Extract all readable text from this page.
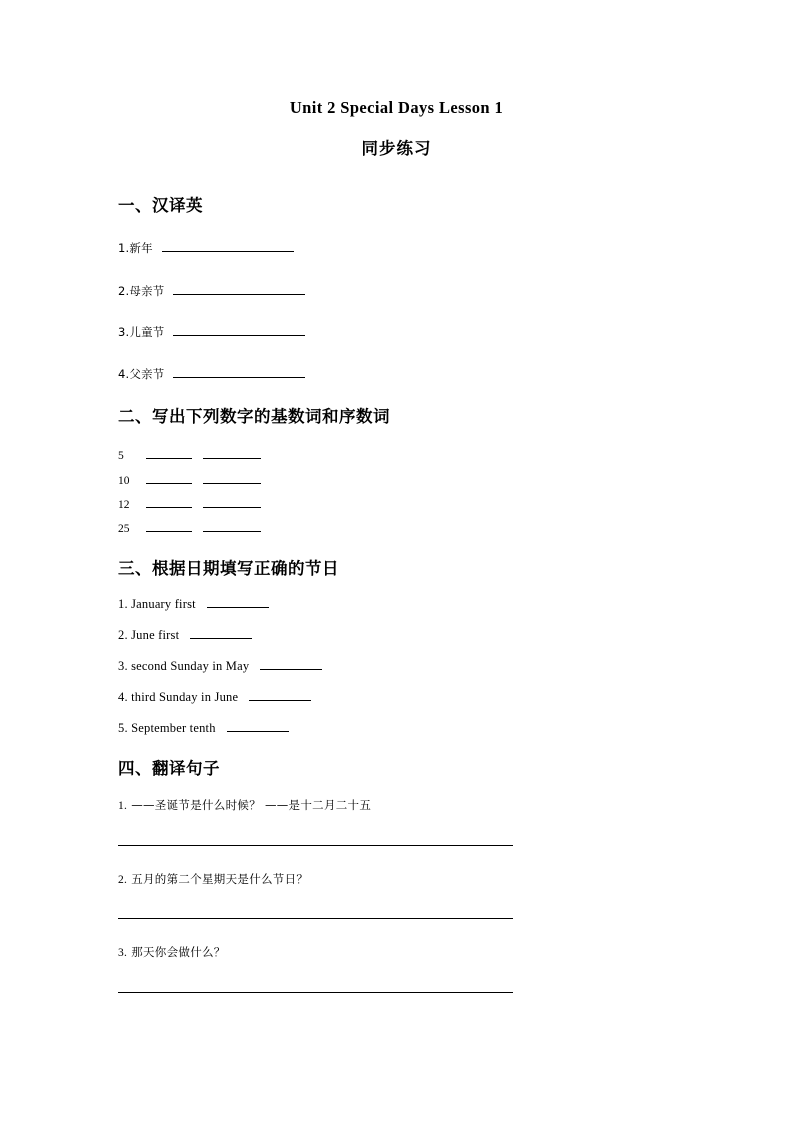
Unit 2 Special Days Lesson 1
同步练习
一、汉译英
1.新年
2.母亲节
3.儿童节
4.父亲节
二、写出下列数字的基数词和序数词
5
10
12
25
三、根据日期填写正确的节日
1. January first
2. June first
3. second Sunday in May
4. third Sunday in June
5. September tenth
四、翻译句子
1. ——圣诞节是什么时候？ ——是十二月二十五
2. 五月的第二个星期天是什么节日？
3. 那天你会做什么？
